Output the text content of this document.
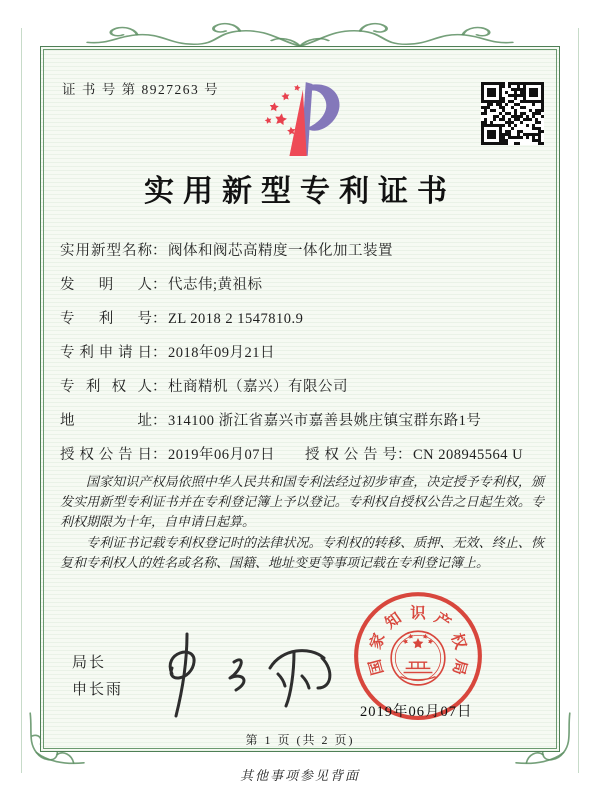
证 书 号 第 8927263 号
实用新型专利证书
实用新型名称： 阀体和阀芯高精度一体化加工装置
发明人： 代志伟;黄祖标
专利号： ZL 2018 2 1547810.9
专利申请日： 2018年09月21日
专利权人： 杜商精机（嘉兴）有限公司
地址： 314100 浙江省嘉兴市嘉善县姚庄镇宝群东路1号
授权公告日： 2019年06月07日 授权公告号： CN 208945564 U

国家知识产权局依照中华人民共和国专利法经过初步审查，决定授予专利权，颁发实用新型专利证书并在专利登记簿上予以登记。专利权自授权公告之日起生效。专利权期限为十年，自申请日起算。

专利证书记载专利权登记时的法律状况。专利权的转移、质押、无效、终止、恢复和专利权人的姓名或名称、国籍、地址变更等事项记载在专利登记簿上。

局长
申长雨
国
家
知 识 产
权
局
2019年06月07日
第 1 页 (共 2 页)
其他事项参见背面
